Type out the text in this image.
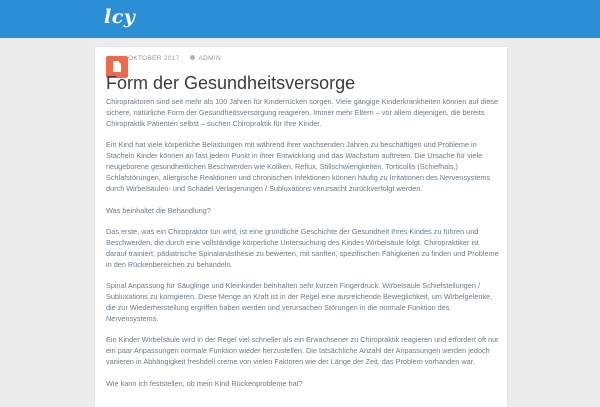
lcy
OKTOBER 2017	ADMIN
Form der Gesundheitsversorge

Chiropraktoren sind seit mehr als 100 Jahren für Kinderrücken sorgen. Viele gängige Kinderkrankheiten können auf diese sichere, natürliche Form der Gesundheitsversorgung reagieren. Immer mehr Eltern – vor allem diejenigen, die bereits Chiropraktik Patienten selbst – suchen Chiropraktik für Ihre Kinder.

Ein Kind hat viele körperliche Belastungen mit während ihrer wachsenden Jahren zu beschäftigen und Probleme in Stacheln Kinder können an fast jedem Punkt in ihrer Entwicklung und das Wachstum auftreten. Die Ursache für viele neugeborene gesundheitlichen Beschwerden wie Koliken, Reflux, Stillschwierigkeiten, Torticollis (Schiefhals,) Schlafstörungen, allergische Reaktionen und chronischen Infektionen können häufig zu Irritationen des Nervensystems durch Wirbelsäulen- und Schädel Verlagerungen / Subluxations verursacht zurückverfolgt werden.

Was beinhaltet die Behandlung?

Das erste, was ein Chiropraktor tun wird, ist eine gründliche Geschichte der Gesundheit Ihres Kindes zu führen und Beschwerden, die durch eine vollständige körperliche Untersuchung des Kindes Wirbelsäule folgt. Chiropraktiker ist darauf trainiert, pädiatrische Spinalanästhesie zu bewerten, mit sanften, spezifischen Fähigkeiten zu finden und Probleme in den Rückenbereichen zu behandeln.

Spinal Anpassung für Säuglinge und Kleinkinder beinhalten sehr kurzen Fingerdruck. Wirbelsäule Schiefstellungen / Subluxations zu korrigieren. Diese Menge an Kraft ist in der Regel eine ausreichende Beweglichkeit, um Wirbelgelenke, die zur Wiederherstellung ergriffen haben werden und verursachen Störungen in die normale Funktion des Nervensystems.

Ein Kinder Wirbelsäule wird in der Regel viel schneller als ein Erwachsener zu Chiropraktik reagieren und erfordert oft nur ein paar Anpassungen normale Funktion wieder herzustellen. Die tatsächliche Anzahl der Anpassungen werden jedoch variieren in Abhängigkeit freshdeli creme von vielen Faktoren wie der Länge der Zeit, das Problem vorhanden war.

Wie kann ich feststellen, ob mein Kind Rückenprobleme hat?
